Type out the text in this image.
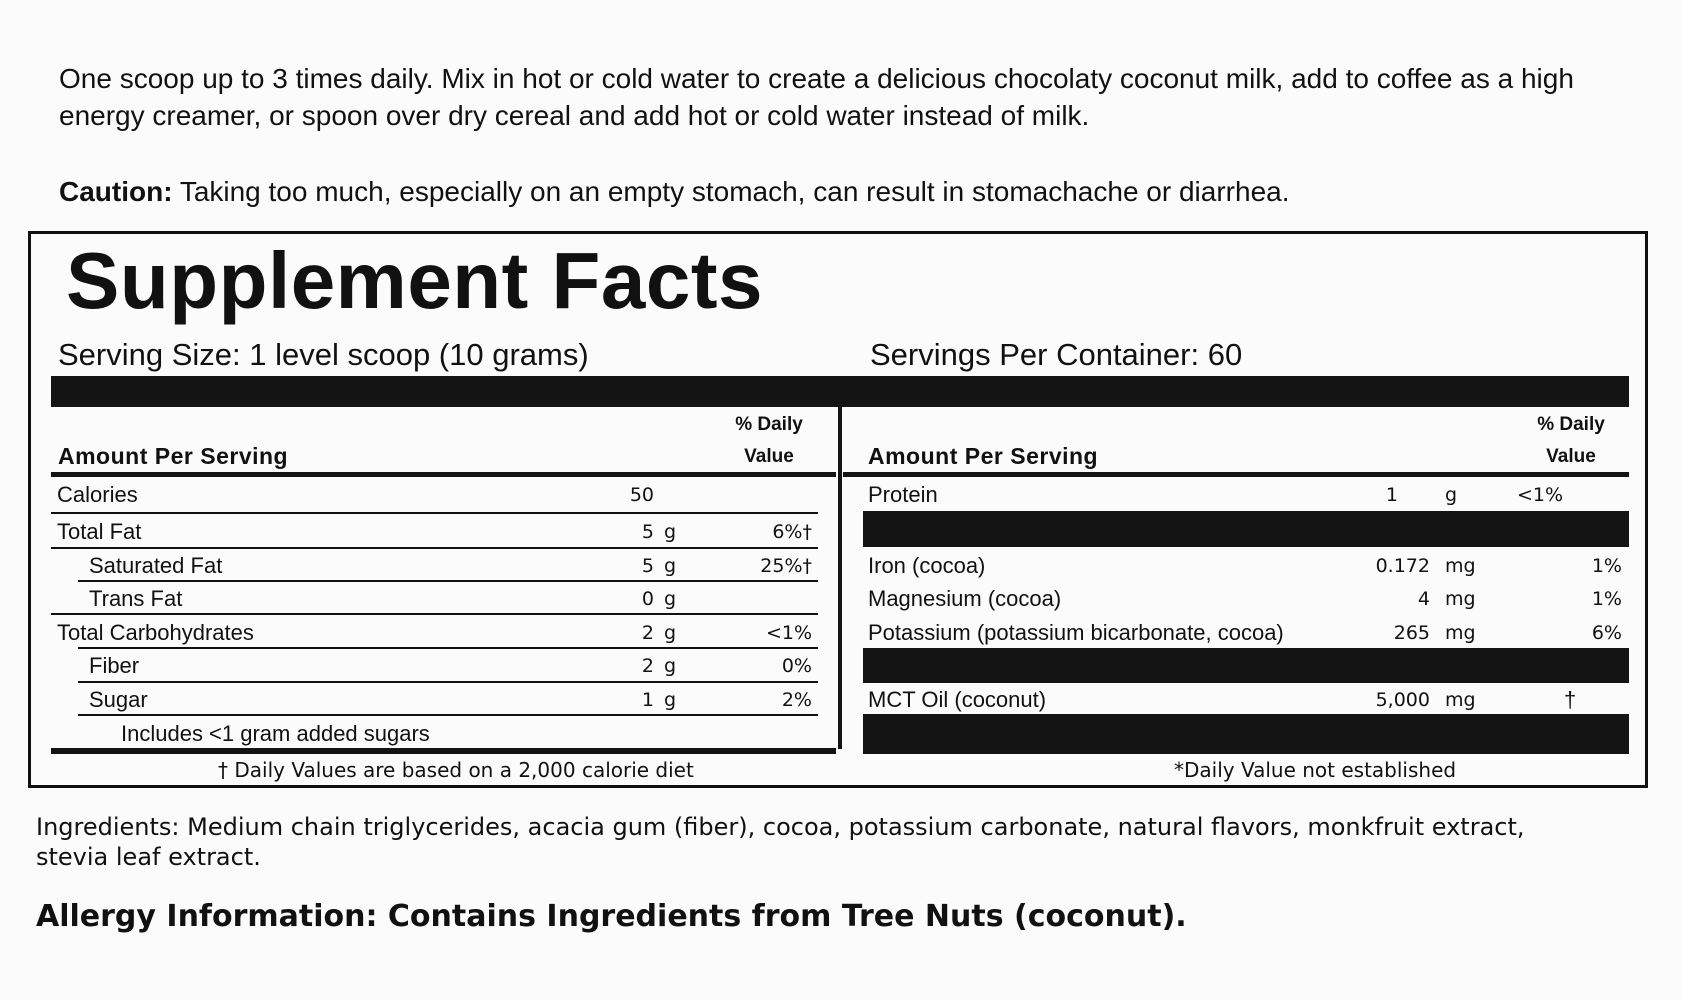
One scoop up to 3 times daily. Mix in hot or cold water to create a delicious chocolaty coconut milk, add to coffee as a high energy creamer, or spoon over dry cereal and add hot or cold water instead of milk.
Caution: Taking too much, especially on an empty stomach, can result in stomachache or diarrhea.
Supplement Facts
Serving Size: 1 level scoop (10 grams)	Servings Per Container: 60
% Daily
Value
Amount Per Serving
% Daily
Value
Amount Per Serving
Calories	50
Total Fat	5 g	6%†
Saturated Fat	5 g	25%†
Trans Fat	0 g
Total Carbohydrates	2 g	<1%
Fiber	2 g	0%
Sugar	1 g	2%
Includes <1 gram added sugars
Protein	1 g	<1%
Iron (cocoa)	0.172 mg	1%
Magnesium (cocoa)	4 mg	1%
Potassium (potassium bicarbonate, cocoa)	265 mg	6%
MCT Oil (coconut)	5,000 mg	†
† Daily Values are based on a 2,000 calorie diet	*Daily Value not established
Ingredients: Medium chain triglycerides, acacia gum (fiber), cocoa, potassium carbonate, natural flavors, monkfruit extract, stevia leaf extract.
Allergy Information: Contains Ingredients from Tree Nuts (coconut).
